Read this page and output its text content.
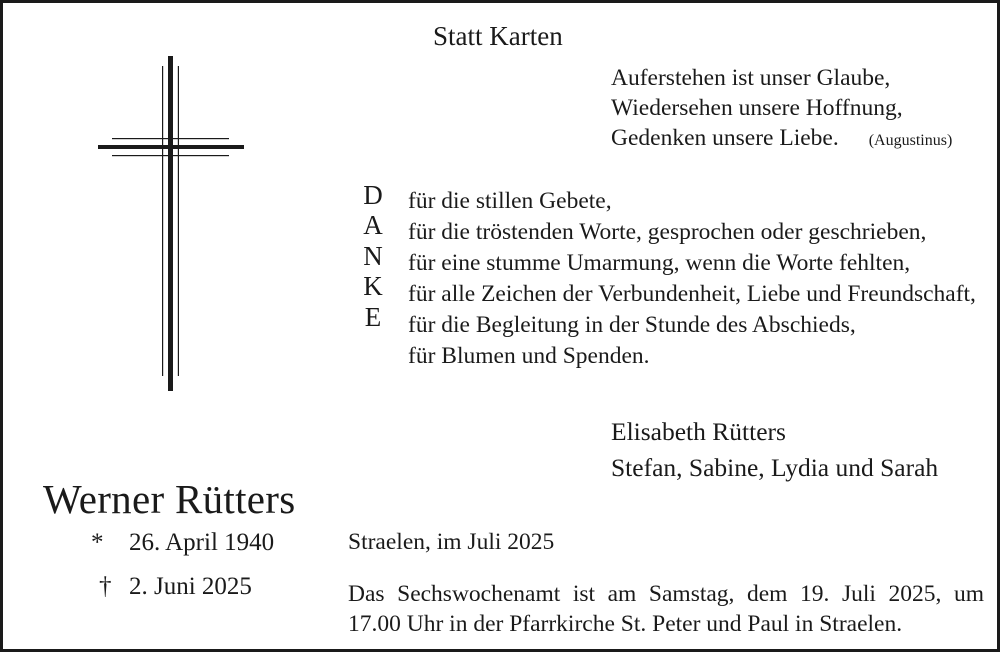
Statt Karten
Auferstehen ist unser Glaube,
Wiedersehen unsere Hoffnung,
Gedenken unsere Liebe. (Augustinus)
D
A
N
K
E
für die stillen Gebete,
für die tröstenden Worte, gesprochen oder geschrieben,
für eine stumme Umarmung, wenn die Worte fehlten,
für alle Zeichen der Verbundenheit, Liebe und Freundschaft,
für die Begleitung in der Stunde des Abschieds,
für Blumen und Spenden.
Elisabeth Rütters
Stefan, Sabine, Lydia und Sarah
Werner Rütters
* 26. April 1940
† 2. Juni 2025
Straelen, im Juli 2025
Das Sechswochenamt ist am Samstag, dem 19. Juli 2025, um
17.00 Uhr in der Pfarrkirche St. Peter und Paul in Straelen.
